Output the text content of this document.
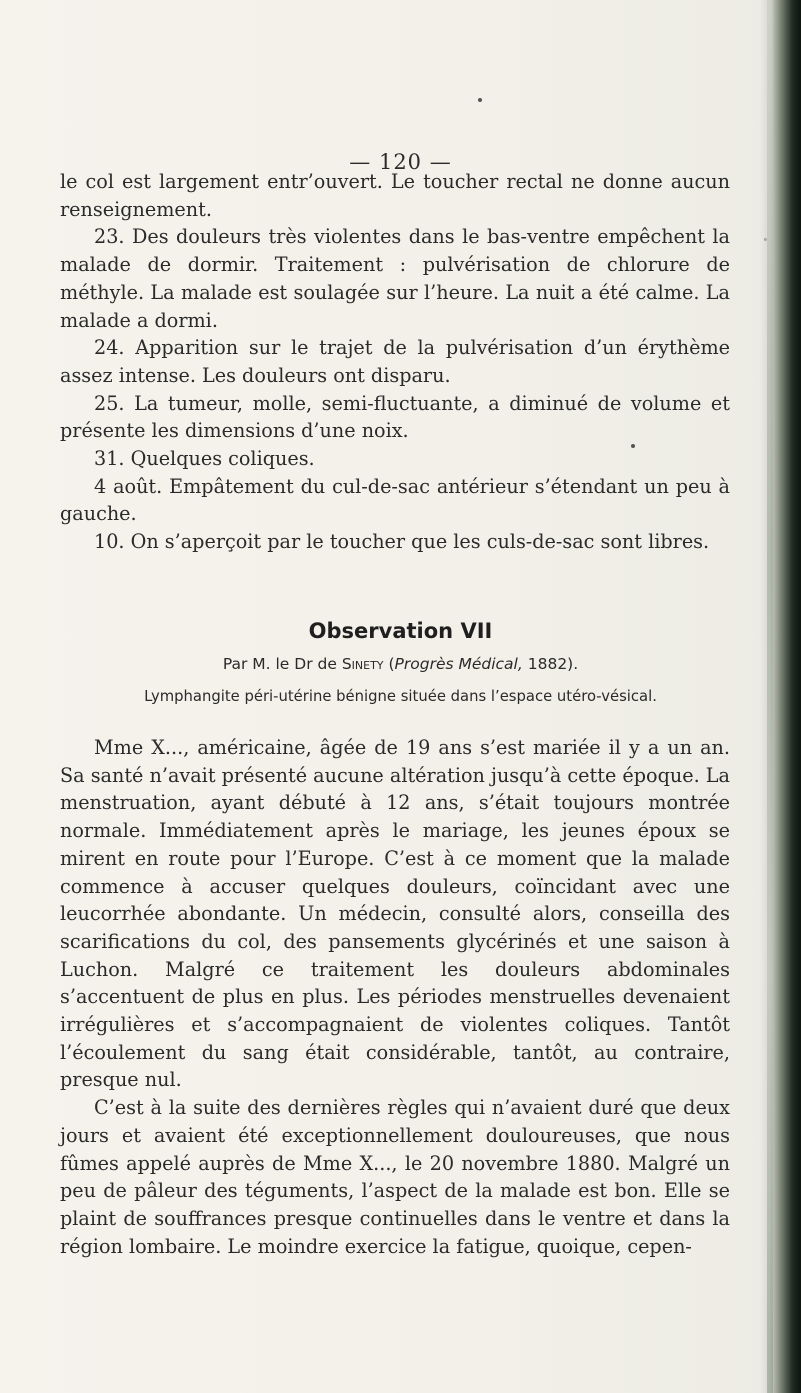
— 120 —

le col est largement entr’ouvert. Le toucher rectal ne donne aucun renseignement.

23. Des douleurs très violentes dans le bas-ventre empêchent la malade de dormir. Traitement : pulvérisation de chlorure de méthyle. La malade est soulagée sur l’heure. La nuit a été calme. La malade a dormi.

24. Apparition sur le trajet de la pulvérisation d’un érythème assez intense. Les douleurs ont disparu.

25. La tumeur, molle, semi-fluctuante, a diminué de volume et présente les dimensions d’une noix.

31. Quelques coliques.

4 août. Empâtement du cul-de-sac antérieur s’étendant un peu à gauche.

10. On s’aperçoit par le toucher que les culs-de-sac sont libres.

Observation VII
Par M. le Dr de Sinety (Progrès Médical, 1882).
Lymphangite péri-utérine bénigne située dans l’espace utéro-vésical.

Mme X..., américaine, âgée de 19 ans s’est mariée il y a un an. Sa santé n’avait présenté aucune altération jusqu’à cette époque. La menstruation, ayant débuté à 12 ans, s’était toujours montrée normale. Immédiatement après le mariage, les jeunes époux se mirent en route pour l’Europe. C’est à ce moment que la malade commence à accuser quelques douleurs, coïncidant avec une leucorrhée abondante. Un médecin, consulté alors, conseilla des scarifications du col, des pansements glycérinés et une saison à Luchon. Malgré ce traitement les douleurs abdominales s’accentuent de plus en plus. Les périodes menstruelles devenaient irrégulières et s’accompagnaient de violentes coliques. Tantôt l’écoulement du sang était considérable, tantôt, au contraire, presque nul.

C’est à la suite des dernières règles qui n’avaient duré que deux jours et avaient été exceptionnellement douloureuses, que nous fûmes appelé auprès de Mme X..., le 20 novembre 1880. Malgré un peu de pâleur des téguments, l’aspect de la malade est bon. Elle se plaint de souffrances presque continuelles dans le ventre et dans la région lombaire. Le moindre exercice la fatigue, quoique, cepen-
